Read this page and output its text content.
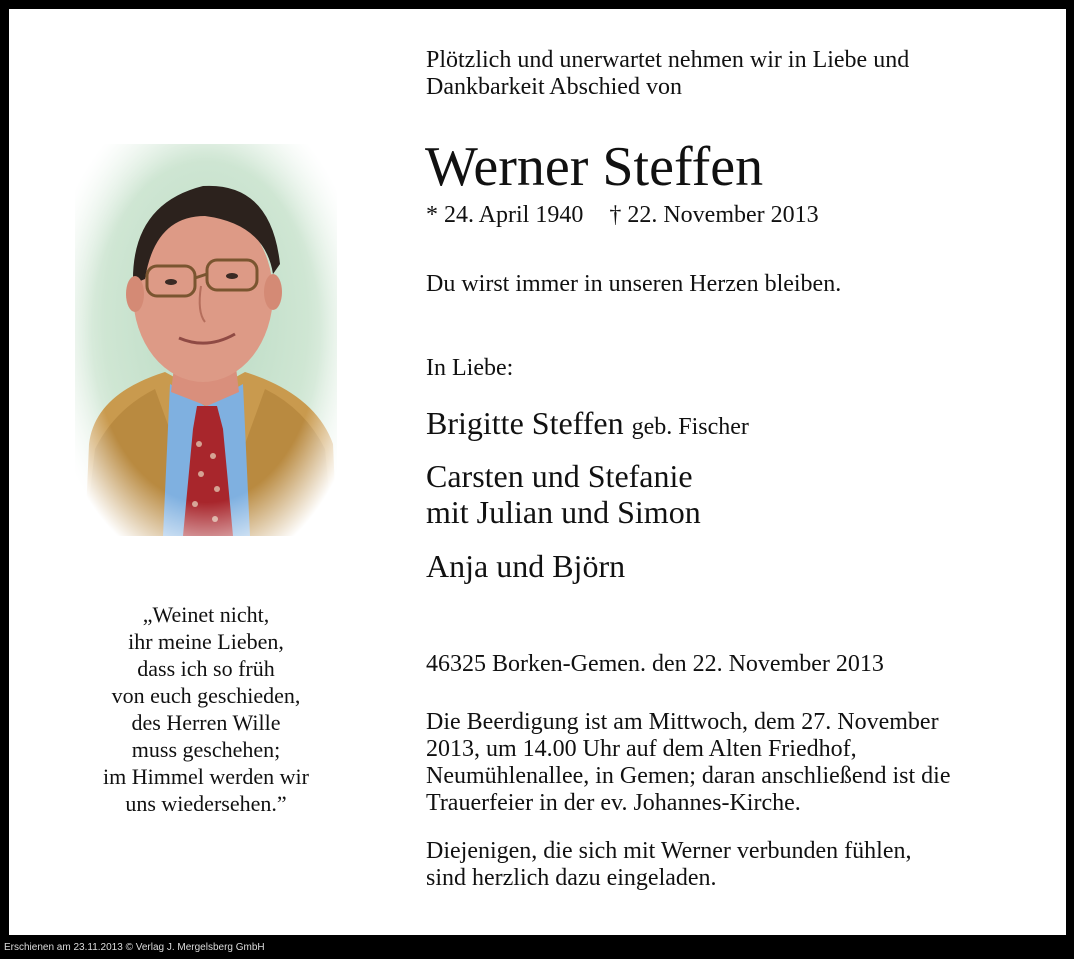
Plötzlich und unerwartet nehmen wir in Liebe und
Dankbarkeit Abschied von
Werner Steffen
* 24. April 1940 † 22. November 2013
Du wirst immer in unseren Herzen bleiben.
In Liebe:
Brigitte Steffen geb. Fischer
Carsten und Stefanie
mit Julian und Simon
Anja und Björn
46325 Borken-Gemen. den 22. November 2013
Die Beerdigung ist am Mittwoch, dem 27. November
2013, um 14.00 Uhr auf dem Alten Friedhof,
Neumühlenallee, in Gemen; daran anschließend ist die
Trauerfeier in der ev. Johannes-Kirche.
Diejenigen, die sich mit Werner verbunden fühlen,
sind herzlich dazu eingeladen.
„Weinet nicht,
ihr meine Lieben,
dass ich so früh
von euch geschieden,
des Herren Wille
muss geschehen;
im Himmel werden wir
uns wiedersehen.”
Erschienen am 23.11.2013 © Verlag J. Mergelsberg GmbH
